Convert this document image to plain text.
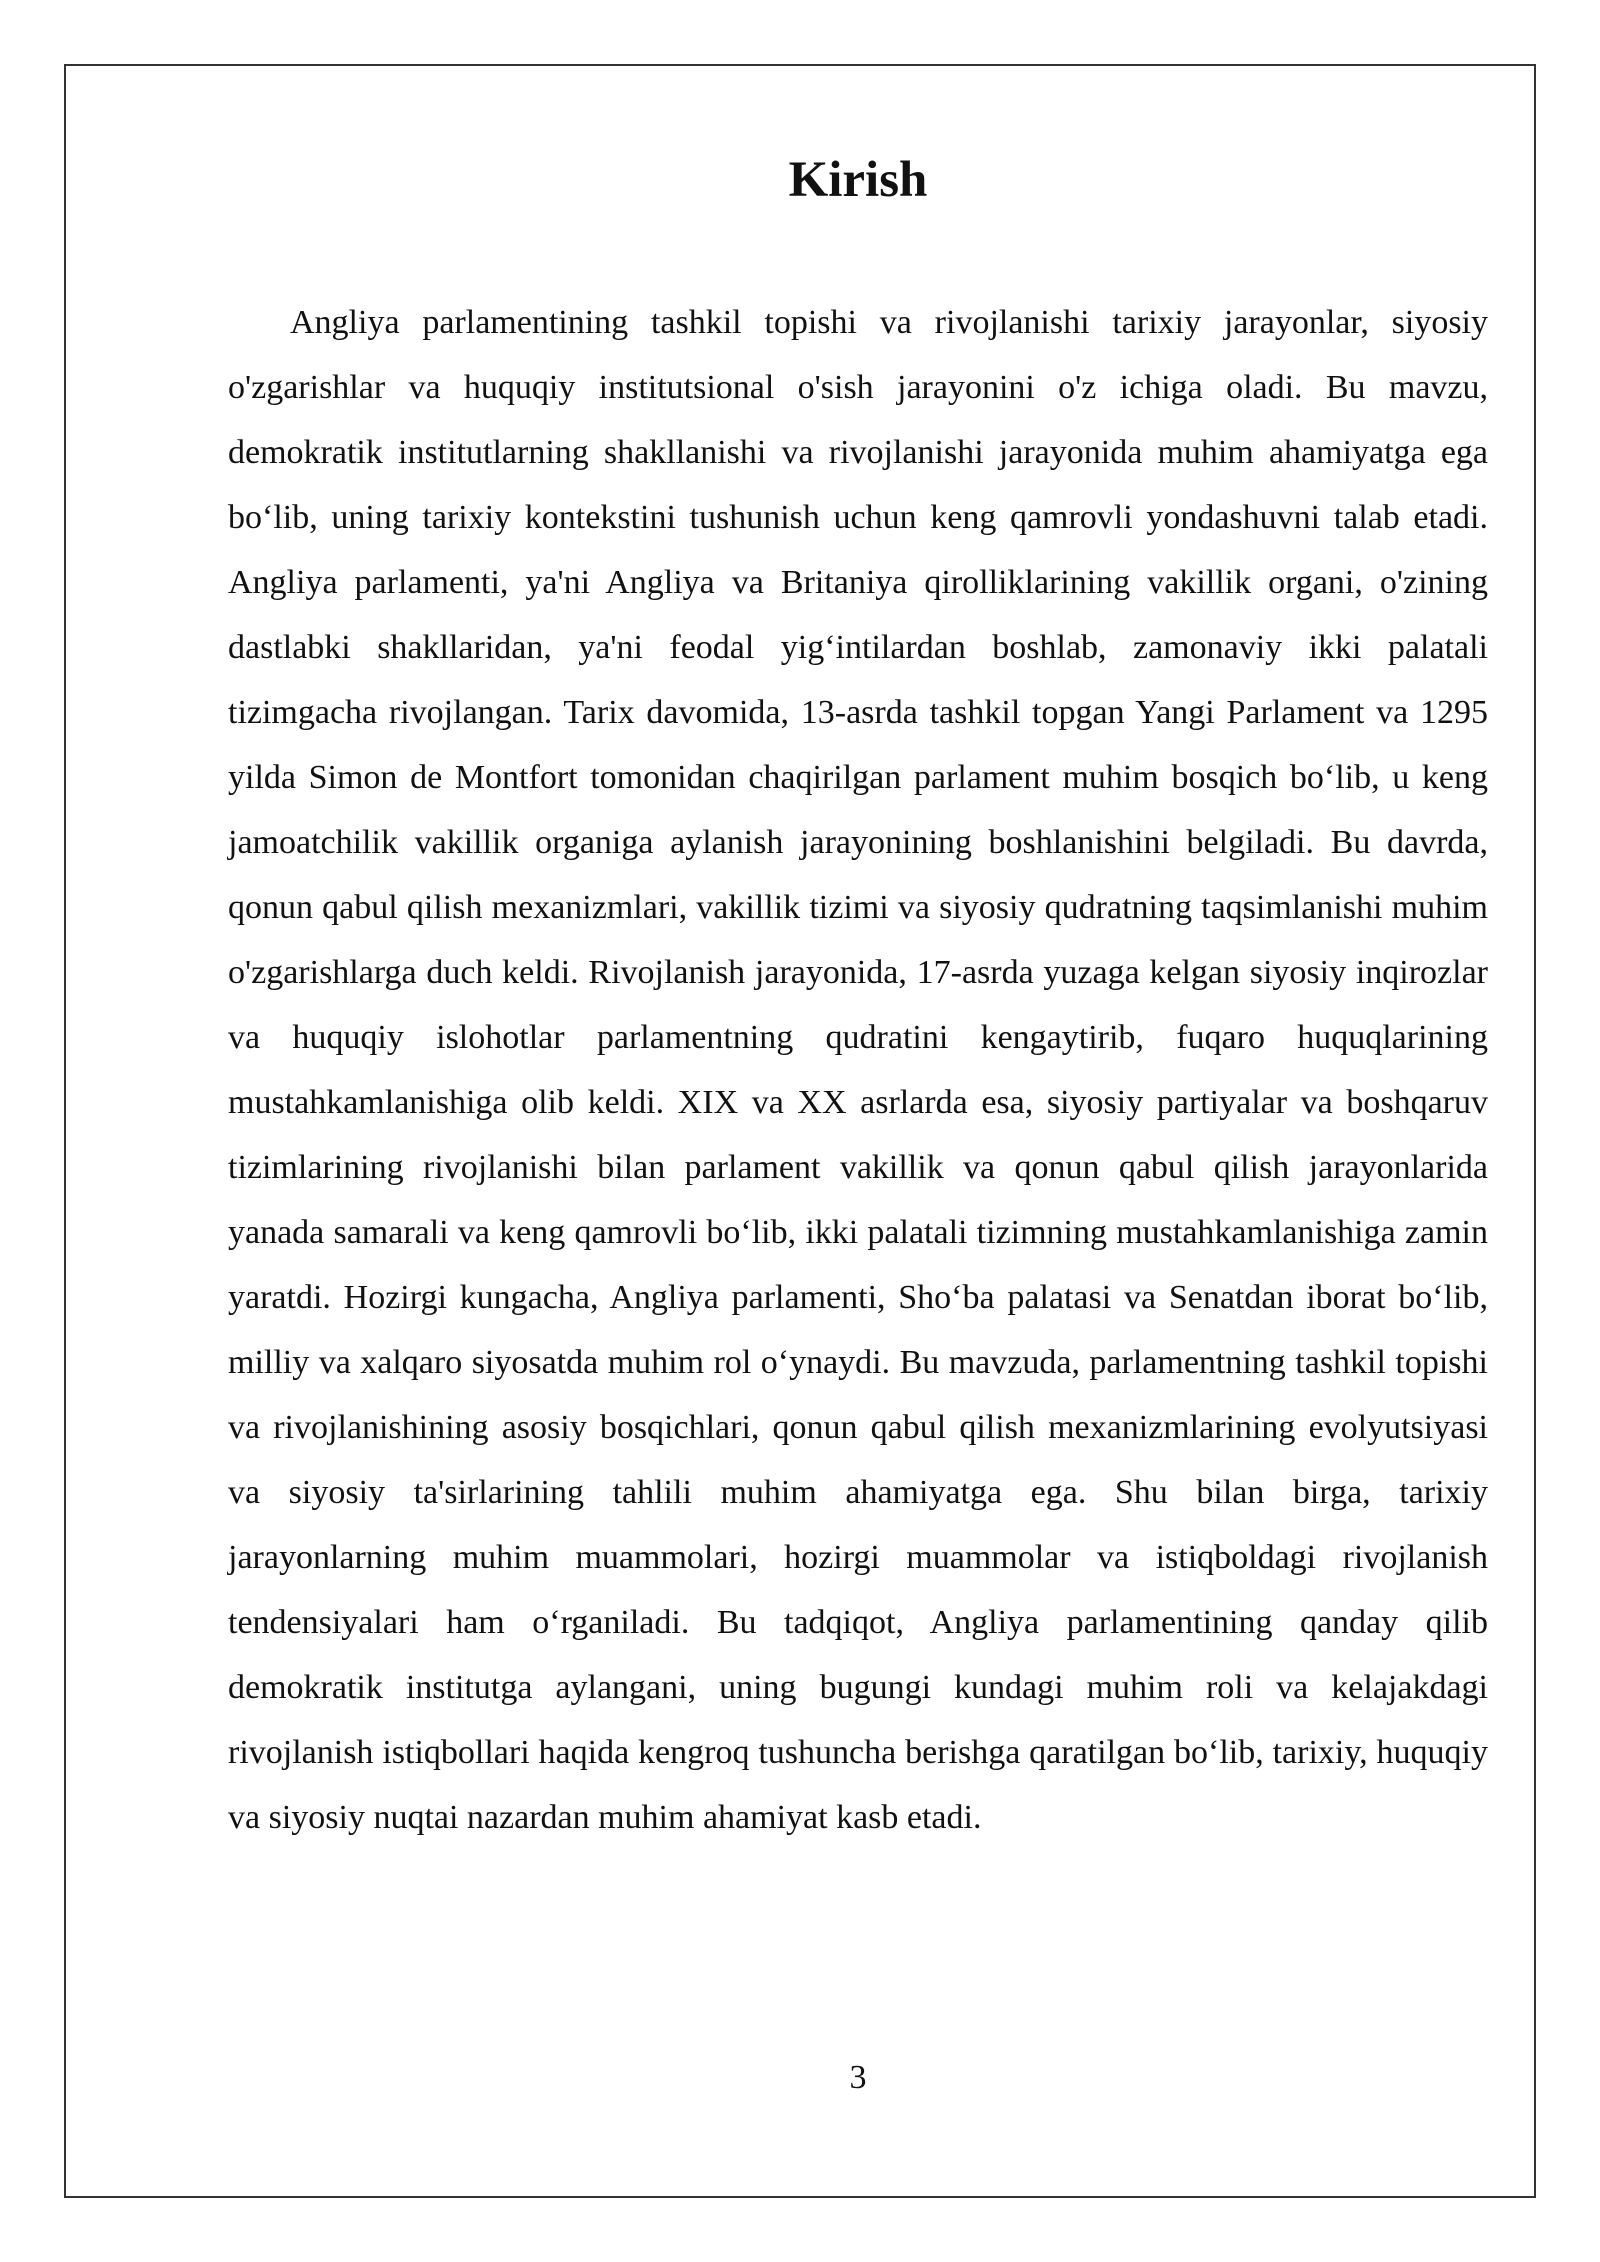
Kirish

Angliya parlamentining tashkil topishi va rivojlanishi tarixiy jarayonlar, siyosiy o'zgarishlar va huquqiy institutsional o'sish jarayonini o'z ichiga oladi. Bu mavzu, demokratik institutlarning shakllanishi va rivojlanishi jarayonida muhim ahamiyatga ega bo‘lib, uning tarixiy kontekstini tushunish uchun keng qamrovli yondashuvni talab etadi. Angliya parlamenti, ya'ni Angliya va Britaniya qirolliklarining vakillik organi, o'zining dastlabki shakllaridan, ya'ni feodal yig‘intilardan boshlab, zamonaviy ikki palatali tizimgacha rivojlangan. Tarix davomida, 13-asrda tashkil topgan Yangi Parlament va 1295 yilda Simon de Montfort tomonidan chaqirilgan parlament muhim bosqich bo‘lib, u keng jamoatchilik vakillik organiga aylanish jarayonining boshlanishini belgiladi. Bu davrda, qonun qabul qilish mexanizmlari, vakillik tizimi va siyosiy qudratning taqsimlanishi muhim o'zgarishlarga duch keldi. Rivojlanish jarayonida, 17-asrda yuzaga kelgan siyosiy inqirozlar va huquqiy islohotlar parlamentning qudratini kengaytirib, fuqaro huquqlarining mustahkamlanishiga olib keldi. XIX va XX asrlarda esa, siyosiy partiyalar va boshqaruv tizimlarining rivojlanishi bilan parlament vakillik va qonun qabul qilish jarayonlarida yanada samarali va keng qamrovli bo‘lib, ikki palatali tizimning mustahkamlanishiga zamin yaratdi. Hozirgi kungacha, Angliya parlamenti, Sho‘ba palatasi va Senatdan iborat bo‘lib, milliy va xalqaro siyosatda muhim rol o‘ynaydi. Bu mavzuda, parlamentning tashkil topishi va rivojlanishining asosiy bosqichlari, qonun qabul qilish mexanizmlarining evolyutsiyasi va siyosiy ta'sirlarining tahlili muhim ahamiyatga ega. Shu bilan birga, tarixiy jarayonlarning muhim muammolari, hozirgi muammolar va istiqboldagi rivojlanish tendensiyalari ham o‘rganiladi. Bu tadqiqot, Angliya parlamentining qanday qilib demokratik institutga aylangani, uning bugungi kundagi muhim roli va kelajakdagi rivojlanish istiqbollari haqida kengroq tushuncha berishga qaratilgan bo‘lib, tarixiy, huquqiy va siyosiy nuqtai nazardan muhim ahamiyat kasb etadi.

3
